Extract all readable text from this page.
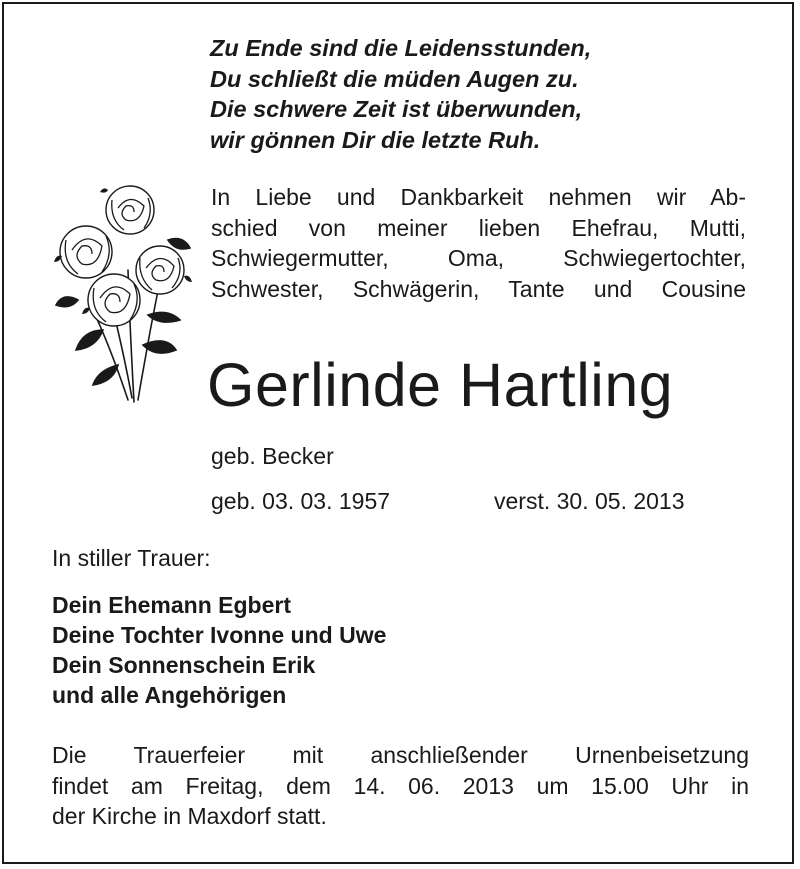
Zu Ende sind die Leidensstunden,
Du schließt die müden Augen zu.
Die schwere Zeit ist überwunden,
wir gönnen Dir die letzte Ruh.
In Liebe und Dankbarkeit nehmen wir Ab-
schied von meiner lieben Ehefrau, Mutti,
Schwiegermutter, Oma, Schwiegertochter,
Schwester, Schwägerin, Tante und Cousine
Gerlinde Hartling
geb. Becker
geb. 03. 03. 1957	verst. 30. 05. 2013
In stiller Trauer:
Dein Ehemann Egbert
Deine Tochter Ivonne und Uwe
Dein Sonnenschein Erik
und alle Angehörigen
Die Trauerfeier mit anschließender Urnenbeisetzung
findet am Freitag, dem 14. 06. 2013 um 15.00 Uhr in
der Kirche in Maxdorf statt.
